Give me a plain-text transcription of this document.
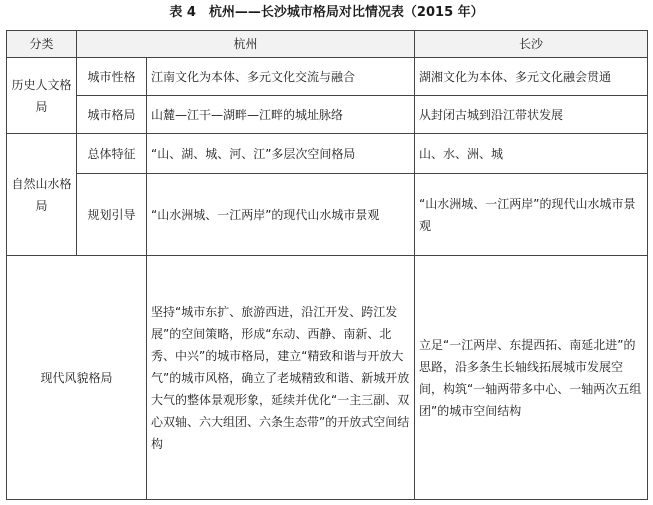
表 4　杭州——长沙城市格局对比情况表（2015 年）
分类	杭州		长沙
历史人文格局	城市性格	江南文化为本体、多元文化交流与融合	湖湘文化为本体、多元文化融会贯通
	城市格局	山麓—江干—湖畔—江畔的城址脉络	从封闭古城到沿江带状发展
自然山水格局	总体特征	“山、湖、城、河、江”多层次空间格局	山、水、洲、城
	规划引导	“山水洲城、一江两岸”的现代山水城市景观	“山水洲城、一江两岸”的现代山水城市景观
现代风貌格局		坚持“城市东扩、旅游西进，沿江开发、跨江发展”的空间策略，形成“东动、西静、南新、北秀、中兴”的城市格局，建立“精致和谐与开放大气”的城市风格，确立了老城精致和谐、新城开放大气的整体景观形象，延续并优化“一主三副、双心双轴、六大组团、六条生态带”的开放式空间结构	立足“一江两岸、东提西拓、南延北进”的思路，沿多条生长轴线拓展城市发展空间，构筑“一轴两带多中心、一轴两次五组团”的城市空间结构
